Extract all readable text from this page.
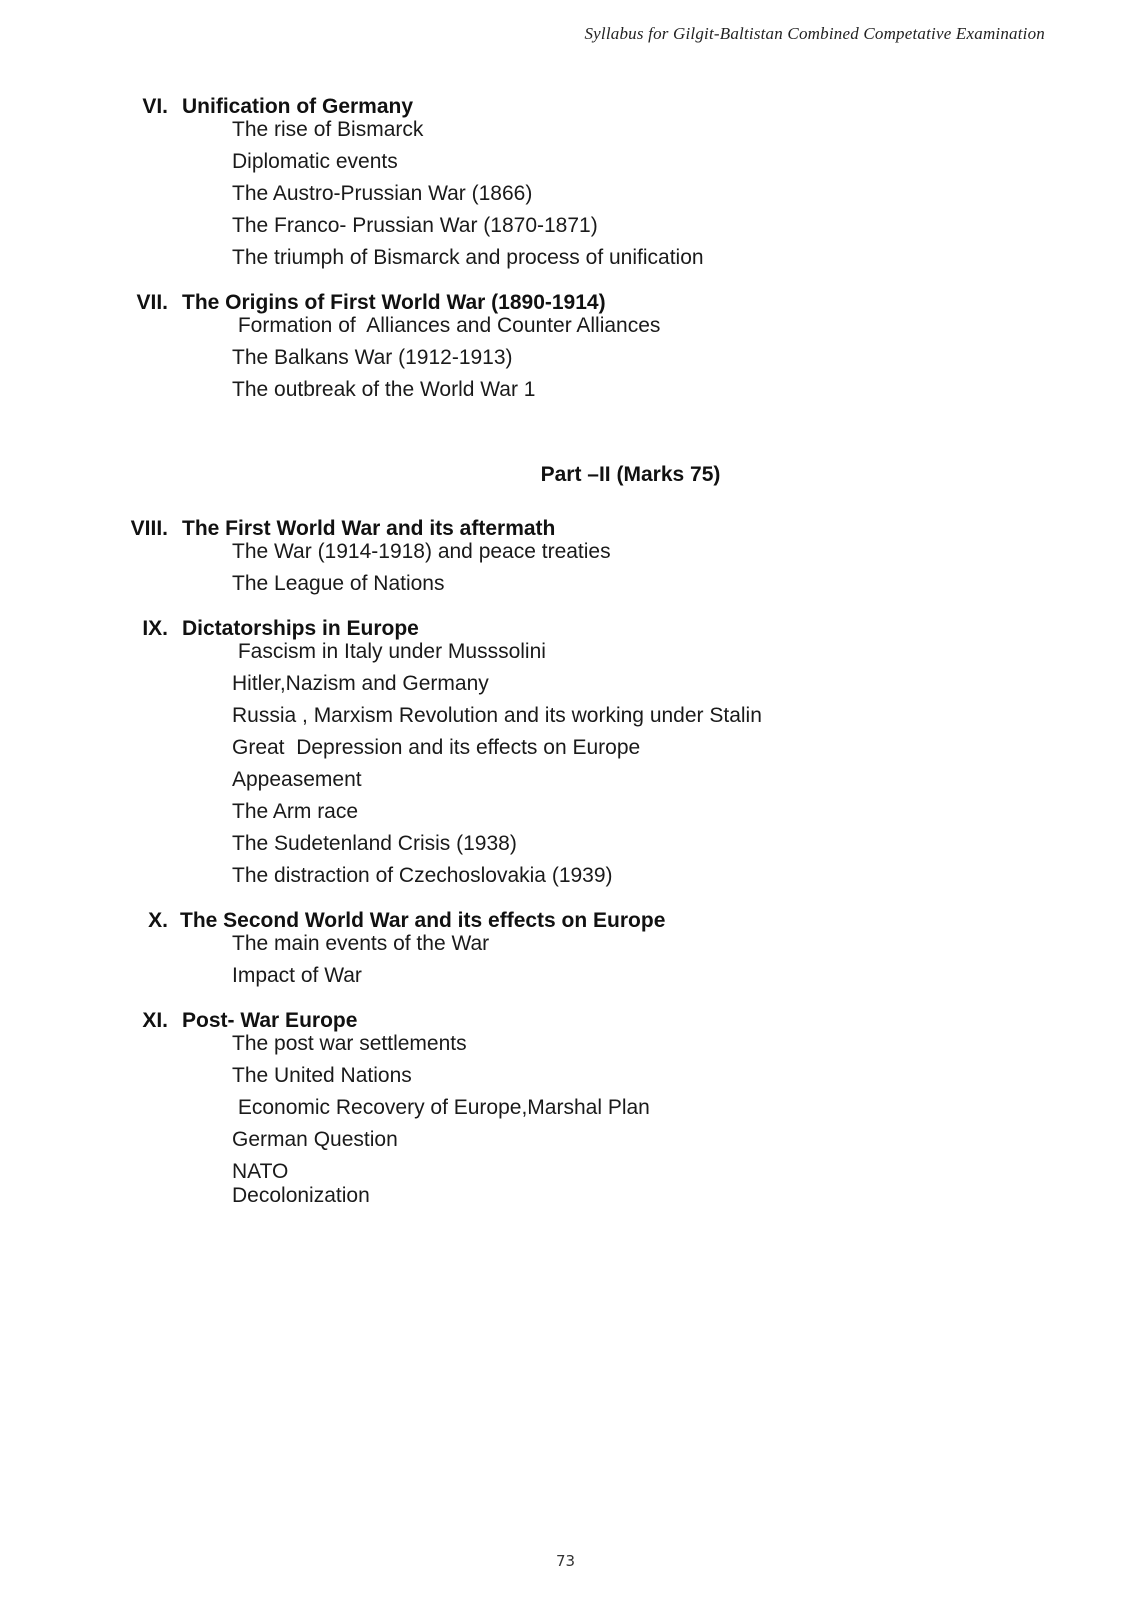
Syllabus for Gilgit-Baltistan Combined Competative Examination
VI. Unification of Germany
The rise of Bismarck
Diplomatic events
The Austro-Prussian War (1866)
The Franco- Prussian War (1870-1871)
The triumph of Bismarck and process of unification
VII. The Origins of First World War (1890-1914)
Formation of  Alliances and Counter Alliances
The Balkans War (1912-1913)
The outbreak of the World War 1
Part –II (Marks 75)
VIII. The First World War and its aftermath
The War (1914-1918) and peace treaties
The League of Nations
IX. Dictatorships in Europe
Fascism in Italy under Musssolini
Hitler,Nazism and Germany
Russia , Marxism Revolution and its working under Stalin
Great  Depression and its effects on Europe
Appeasement
The Arm race
The Sudetenland Crisis (1938)
The distraction of Czechoslovakia (1939)
X. The Second World War and its effects on Europe
The main events of the War
Impact of War
XI. Post- War Europe
The post war settlements
The United Nations
Economic Recovery of Europe,Marshal Plan
German Question
NATO
Decolonization
73
